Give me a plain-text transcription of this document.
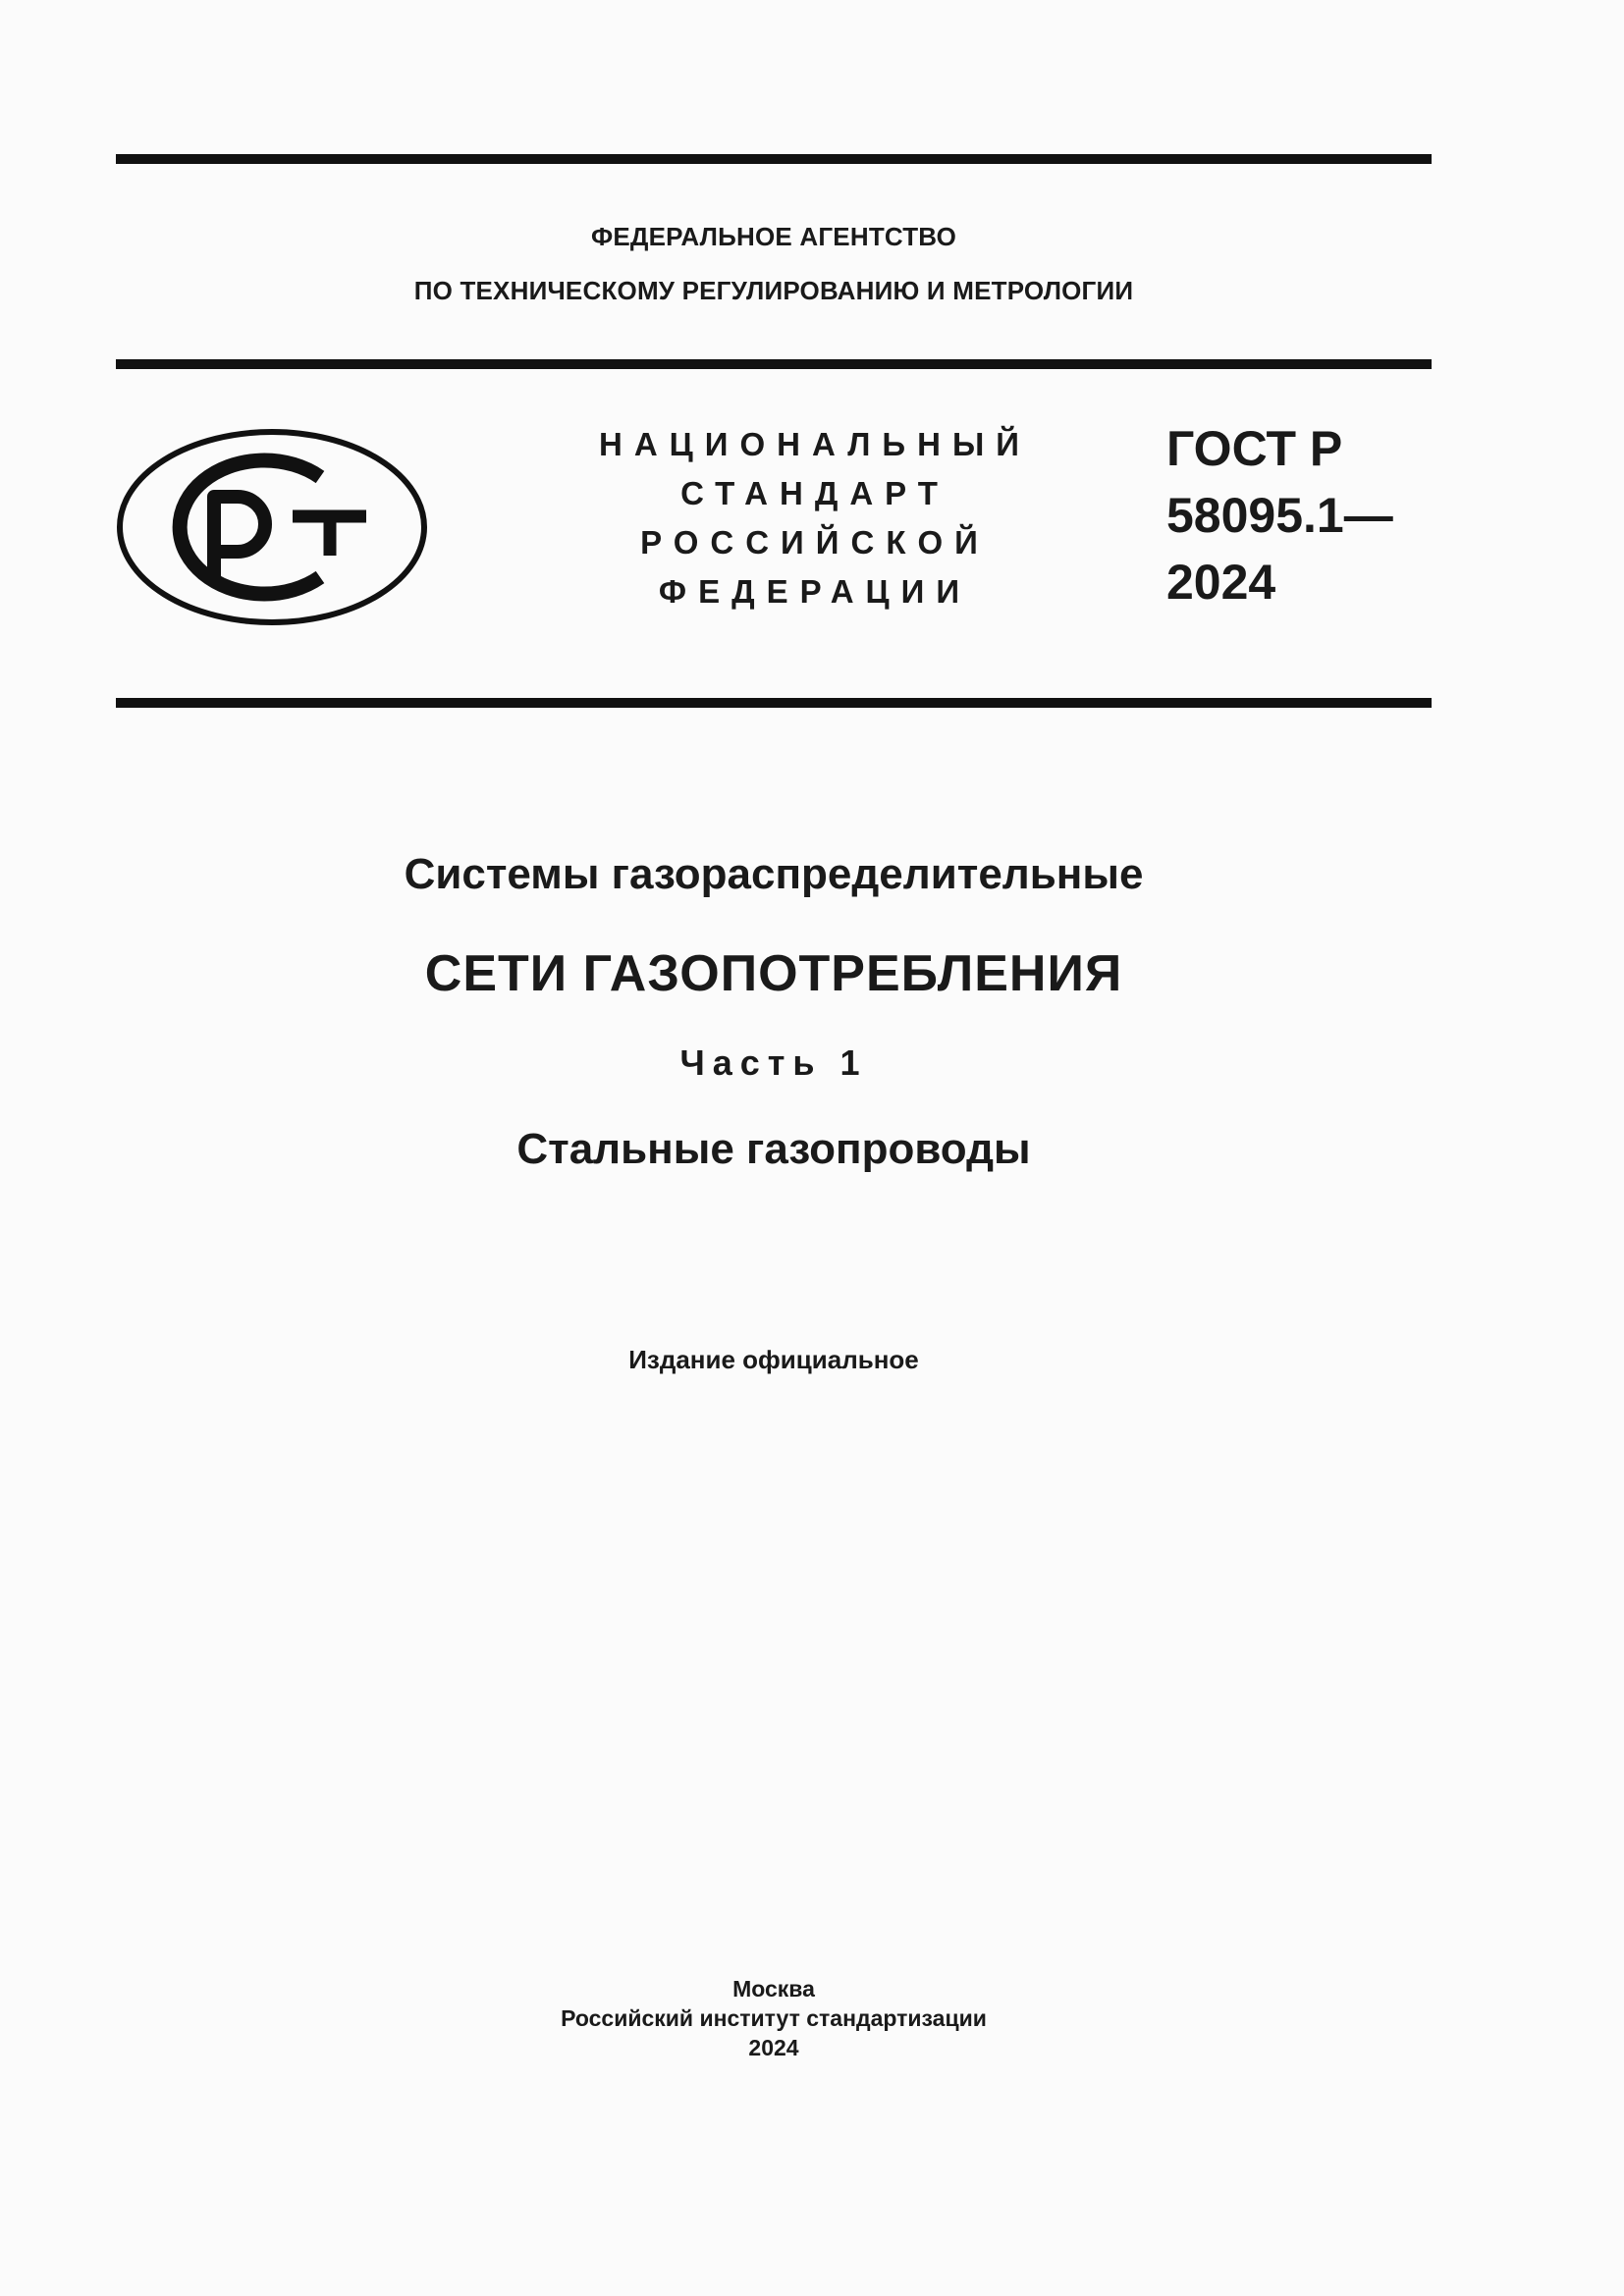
ФЕДЕРАЛЬНОЕ АГЕНТСТВО
ПО ТЕХНИЧЕСКОМУ РЕГУЛИРОВАНИЮ И МЕТРОЛОГИИ
НАЦИОНАЛЬНЫЙ
СТАНДАРТ
РОССИЙСКОЙ
ФЕДЕРАЦИИ
ГОСТ Р
58095.1—
2024
Системы газораспределительные
СЕТИ ГАЗОПОТРЕБЛЕНИЯ
Часть 1
Стальные газопроводы
Издание официальное
Москва
Российский институт стандартизации
2024
